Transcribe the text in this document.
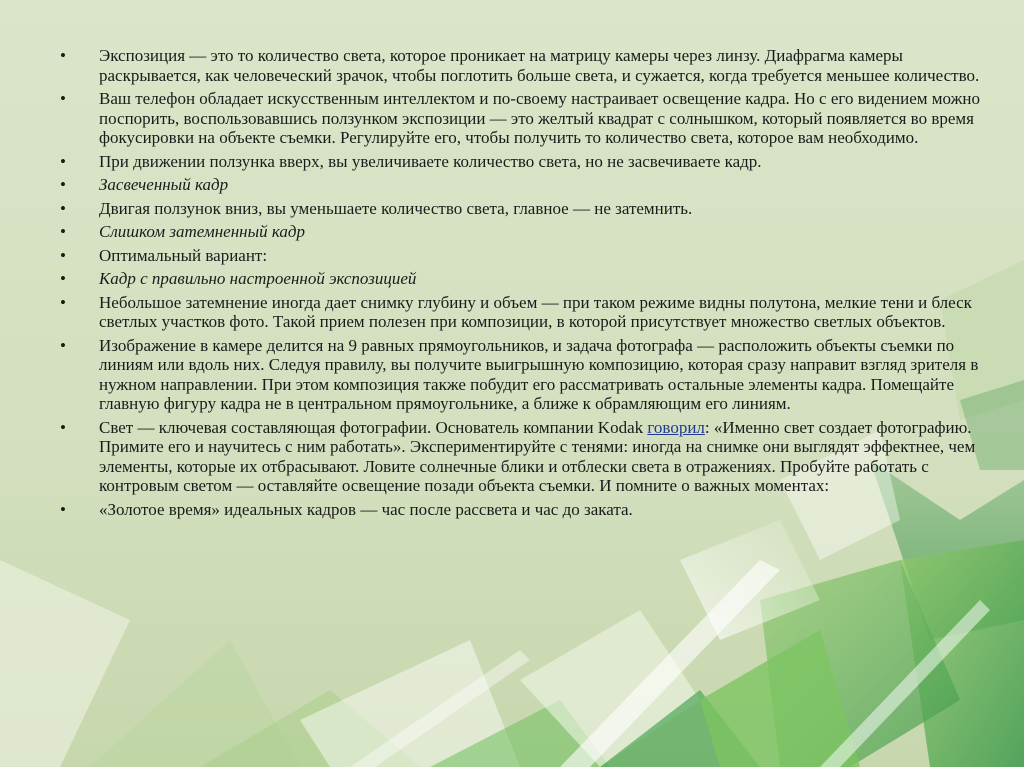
•	Экспозиция — это то количество света, которое проникает на матрицу камеры через линзу. Диафрагма камеры раскрывается, как человеческий зрачок, чтобы поглотить больше света, и сужается, когда требуется меньшее количество.
•	Ваш телефон обладает искусственным интеллектом и по-своему настраивает освещение кадра. Но с его видением можно поспорить, воспользовавшись ползунком экспозиции — это желтый квадрат с солнышком, который появляется во время фокусировки на объекте съемки. Регулируйте его, чтобы получить то количество света, которое вам необходимо.
•	При движении ползунка вверх, вы увеличиваете количество света, но не засвечиваете кадр.
•	Засвеченный кадр
•	Двигая ползунок вниз, вы уменьшаете количество света, главное — не затемнить.
•	Слишком затемненный кадр
•	Оптимальный вариант:
•	Кадр с правильно настроенной экспозицией
•	Небольшое затемнение иногда дает снимку глубину и объем — при таком режиме видны полутона, мелкие тени и блеск светлых участков фото. Такой прием полезен при композиции, в которой присутствует множество светлых объектов.
•	Изображение в камере делится на 9 равных прямоугольников, и задача фотографа — расположить объекты съемки по линиям или вдоль них. Следуя правилу, вы получите выигрышную композицию, которая сразу направит взгляд зрителя в нужном направлении. При этом композиция также побудит его рассматривать остальные элементы кадра. Помещайте главную фигуру кадра не в центральном прямоугольнике, а ближе к обрамляющим его линиям.
•	Свет — ключевая составляющая фотографии. Основатель компании Kodak говорил: «Именно свет создает фотографию. Примите его и научитесь с ним работать». Экспериментируйте с тенями: иногда на снимке они выглядят эффектнее, чем элементы, которые их отбрасывают. Ловите солнечные блики и отблески света в отражениях. Пробуйте работать с контровым светом — оставляйте освещение позади объекта съемки. И помните о важных моментах:
•	«Золотое время» идеальных кадров — час после рассвета и час до заката.
